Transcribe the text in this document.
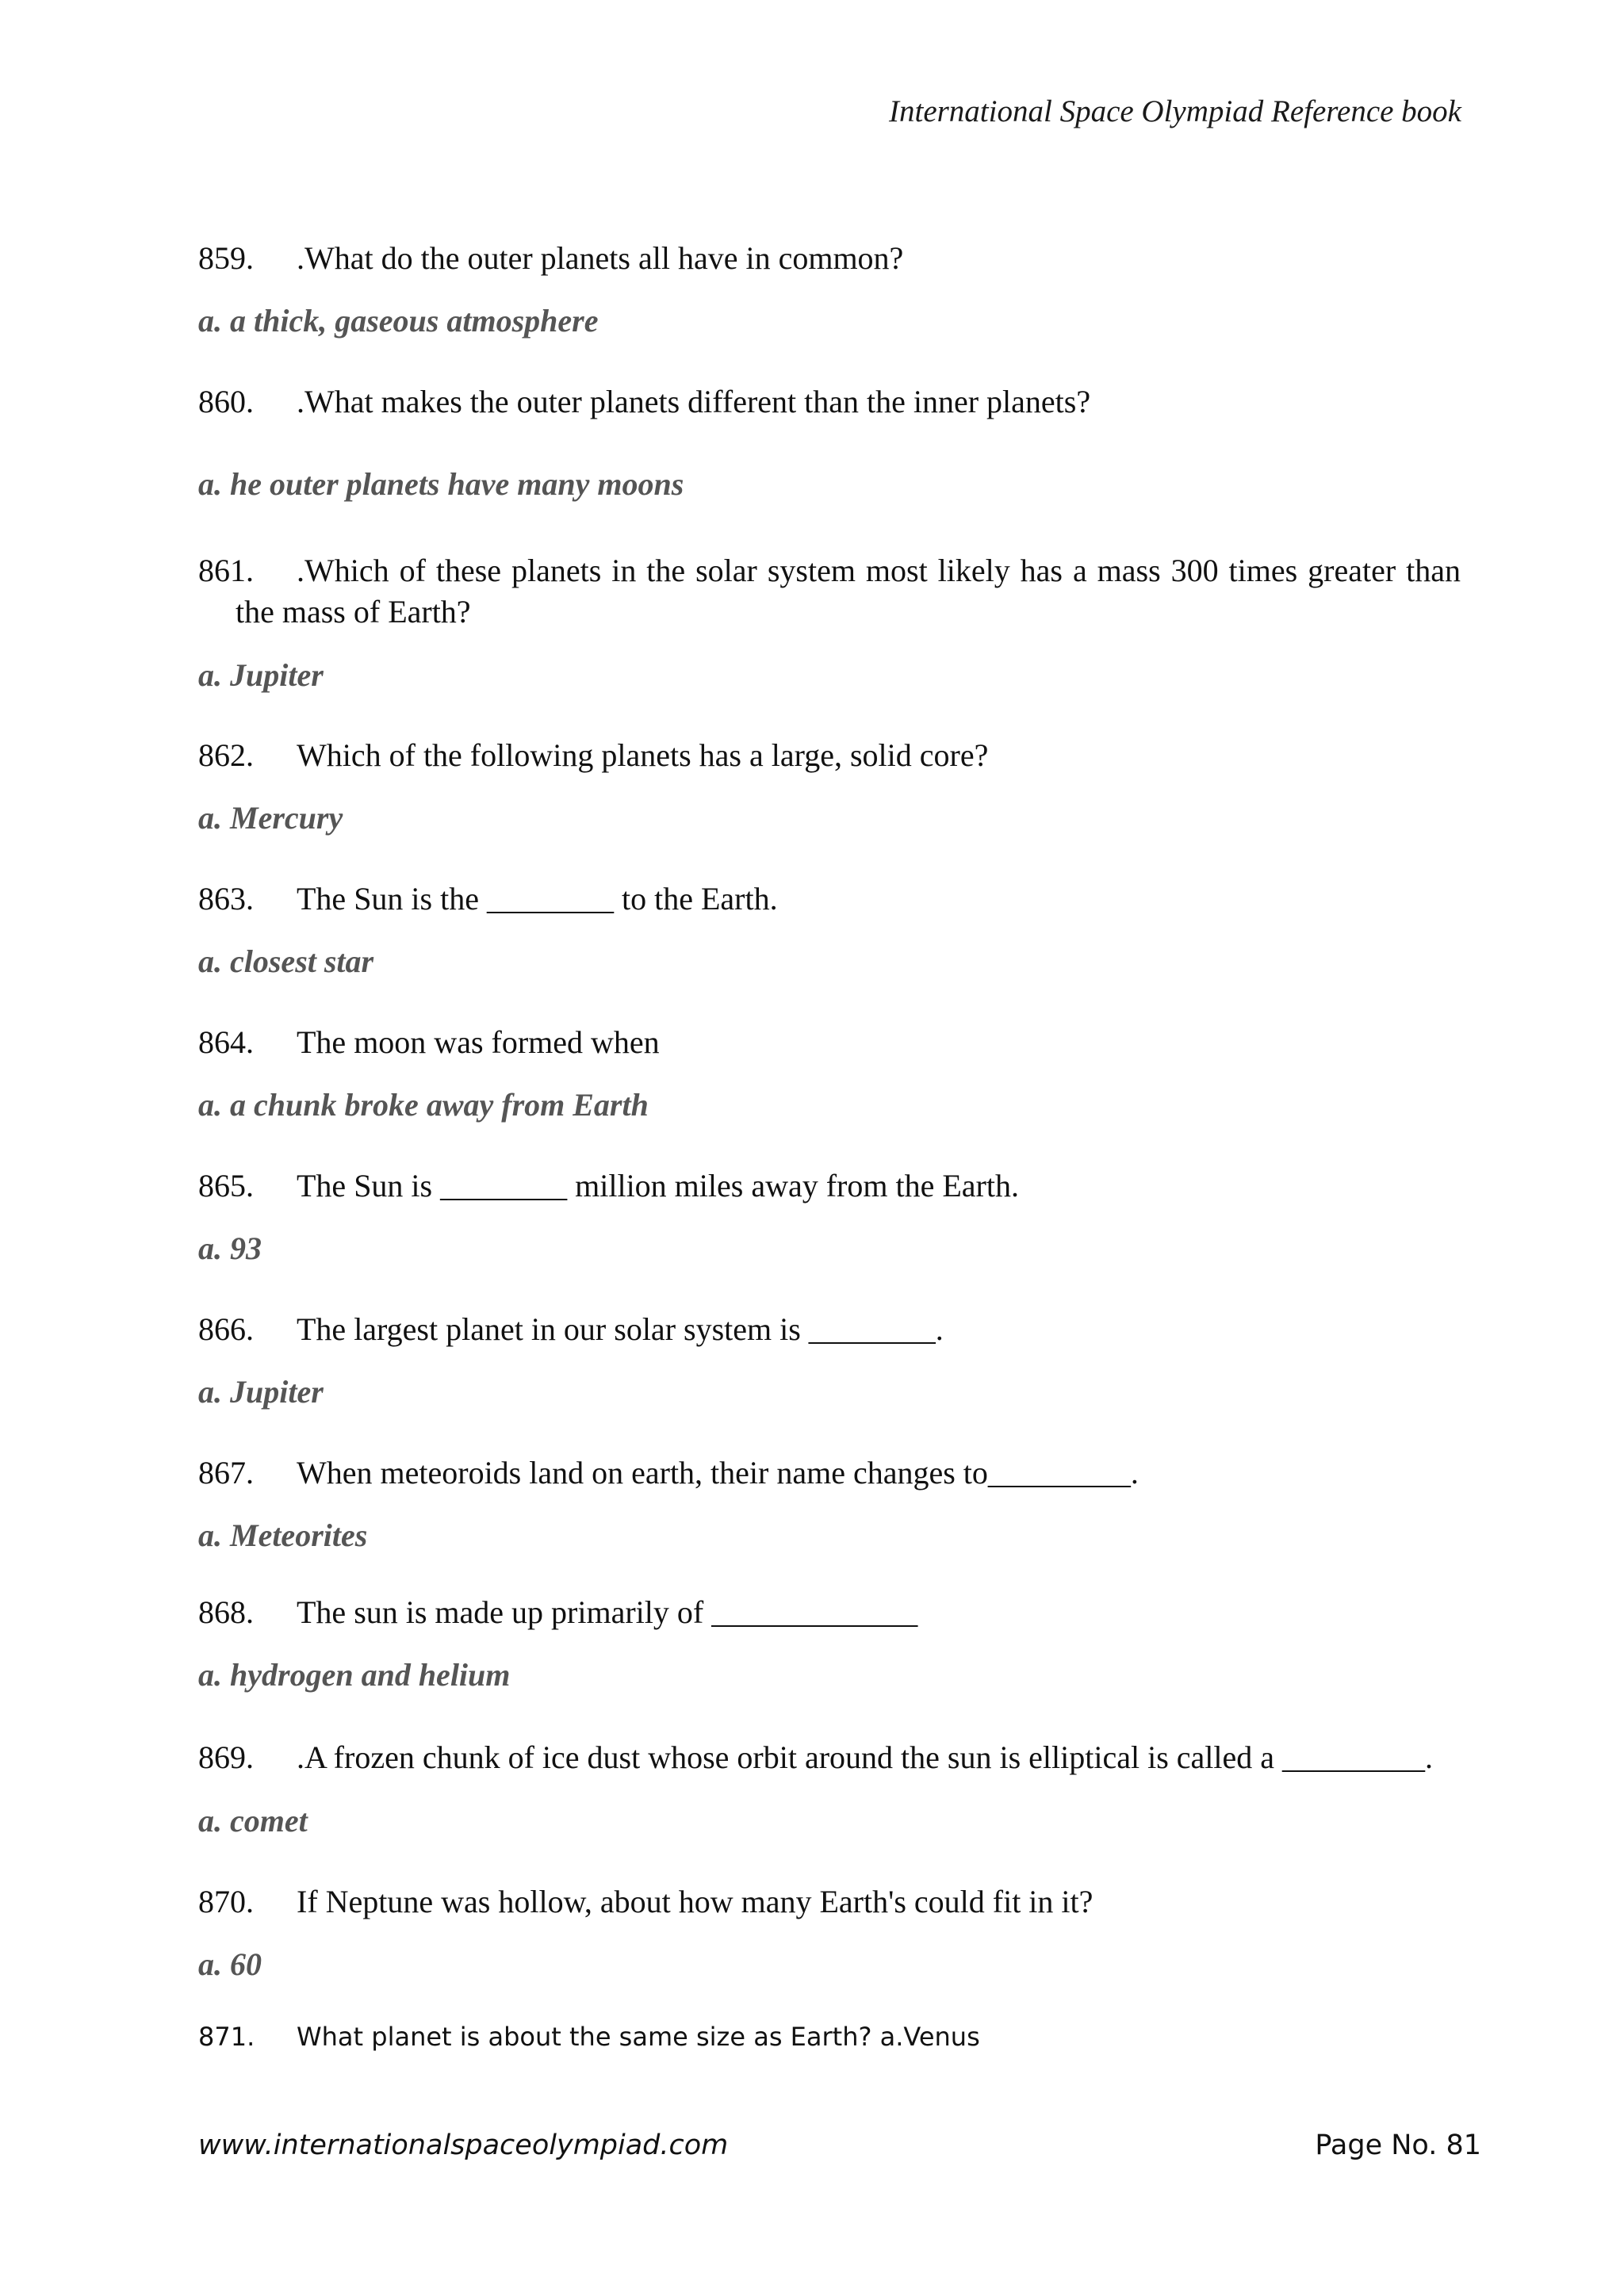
International Space Olympiad Reference book
859.	.What do the outer planets all have in common?
a. a thick, gaseous atmosphere
860.	.What makes the outer planets different than the inner planets?
a. he outer planets have many moons
861. .Which of these planets in the solar system most likely has a mass 300 times greater than the mass of Earth?
a. Jupiter
862.	Which of the following planets has a large, solid core?
a. Mercury
863.	The Sun is the ________ to the Earth.
a. closest star
864.	The moon was formed when
a. a chunk broke away from Earth
865.	The Sun is ________ million miles away from the Earth.
a. 93
866.	The largest planet in our solar system is ________.
a. Jupiter
867.	When meteoroids land on earth, their name changes to_________.
a. Meteorites
868.	The sun is made up primarily of _____________
a. hydrogen and helium
869. .A frozen chunk of ice dust whose orbit around the sun is elliptical is called a _________.
a. comet
870.	If Neptune was hollow, about how many Earth's could fit in it?
a. 60
871.	What planet is about the same size as Earth? a.Venus
www.internationalspaceolympiad.com	Page No. 81
